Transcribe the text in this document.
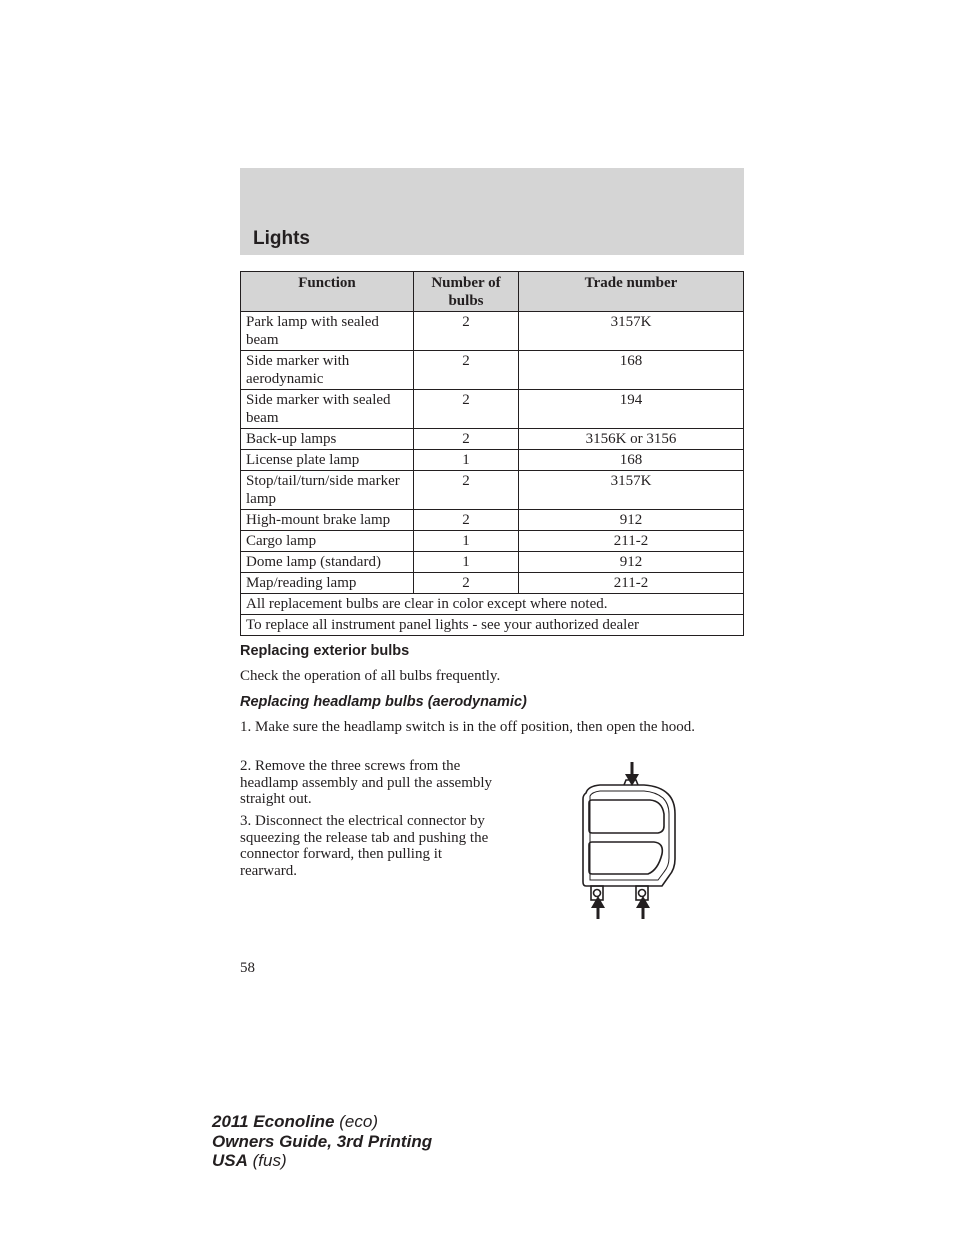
Lights
Function	Number of bulbs	Trade number
Park lamp with sealed beam	2	3157K
Side marker with aerodynamic	2	168
Side marker with sealed beam	2	194
Back-up lamps	2	3156K or 3156
License plate lamp	1	168
Stop/tail/turn/side marker lamp	2	3157K
High-mount brake lamp	2	912
Cargo lamp	1	211-2
Dome lamp (standard)	1	912
Map/reading lamp	2	211-2
All replacement bulbs are clear in color except where noted.		
To replace all instrument panel lights - see your authorized dealer		
Replacing exterior bulbs
Check the operation of all bulbs frequently.
Replacing headlamp bulbs (aerodynamic)
1. Make sure the headlamp switch is in the off position, then open the hood.
2. Remove the three screws from the headlamp assembly and pull the assembly straight out.
3. Disconnect the electrical connector by squeezing the release tab and pushing the connector forward, then pulling it rearward.
58
2011 Econoline (eco)
Owners Guide, 3rd Printing
USA (fus)
